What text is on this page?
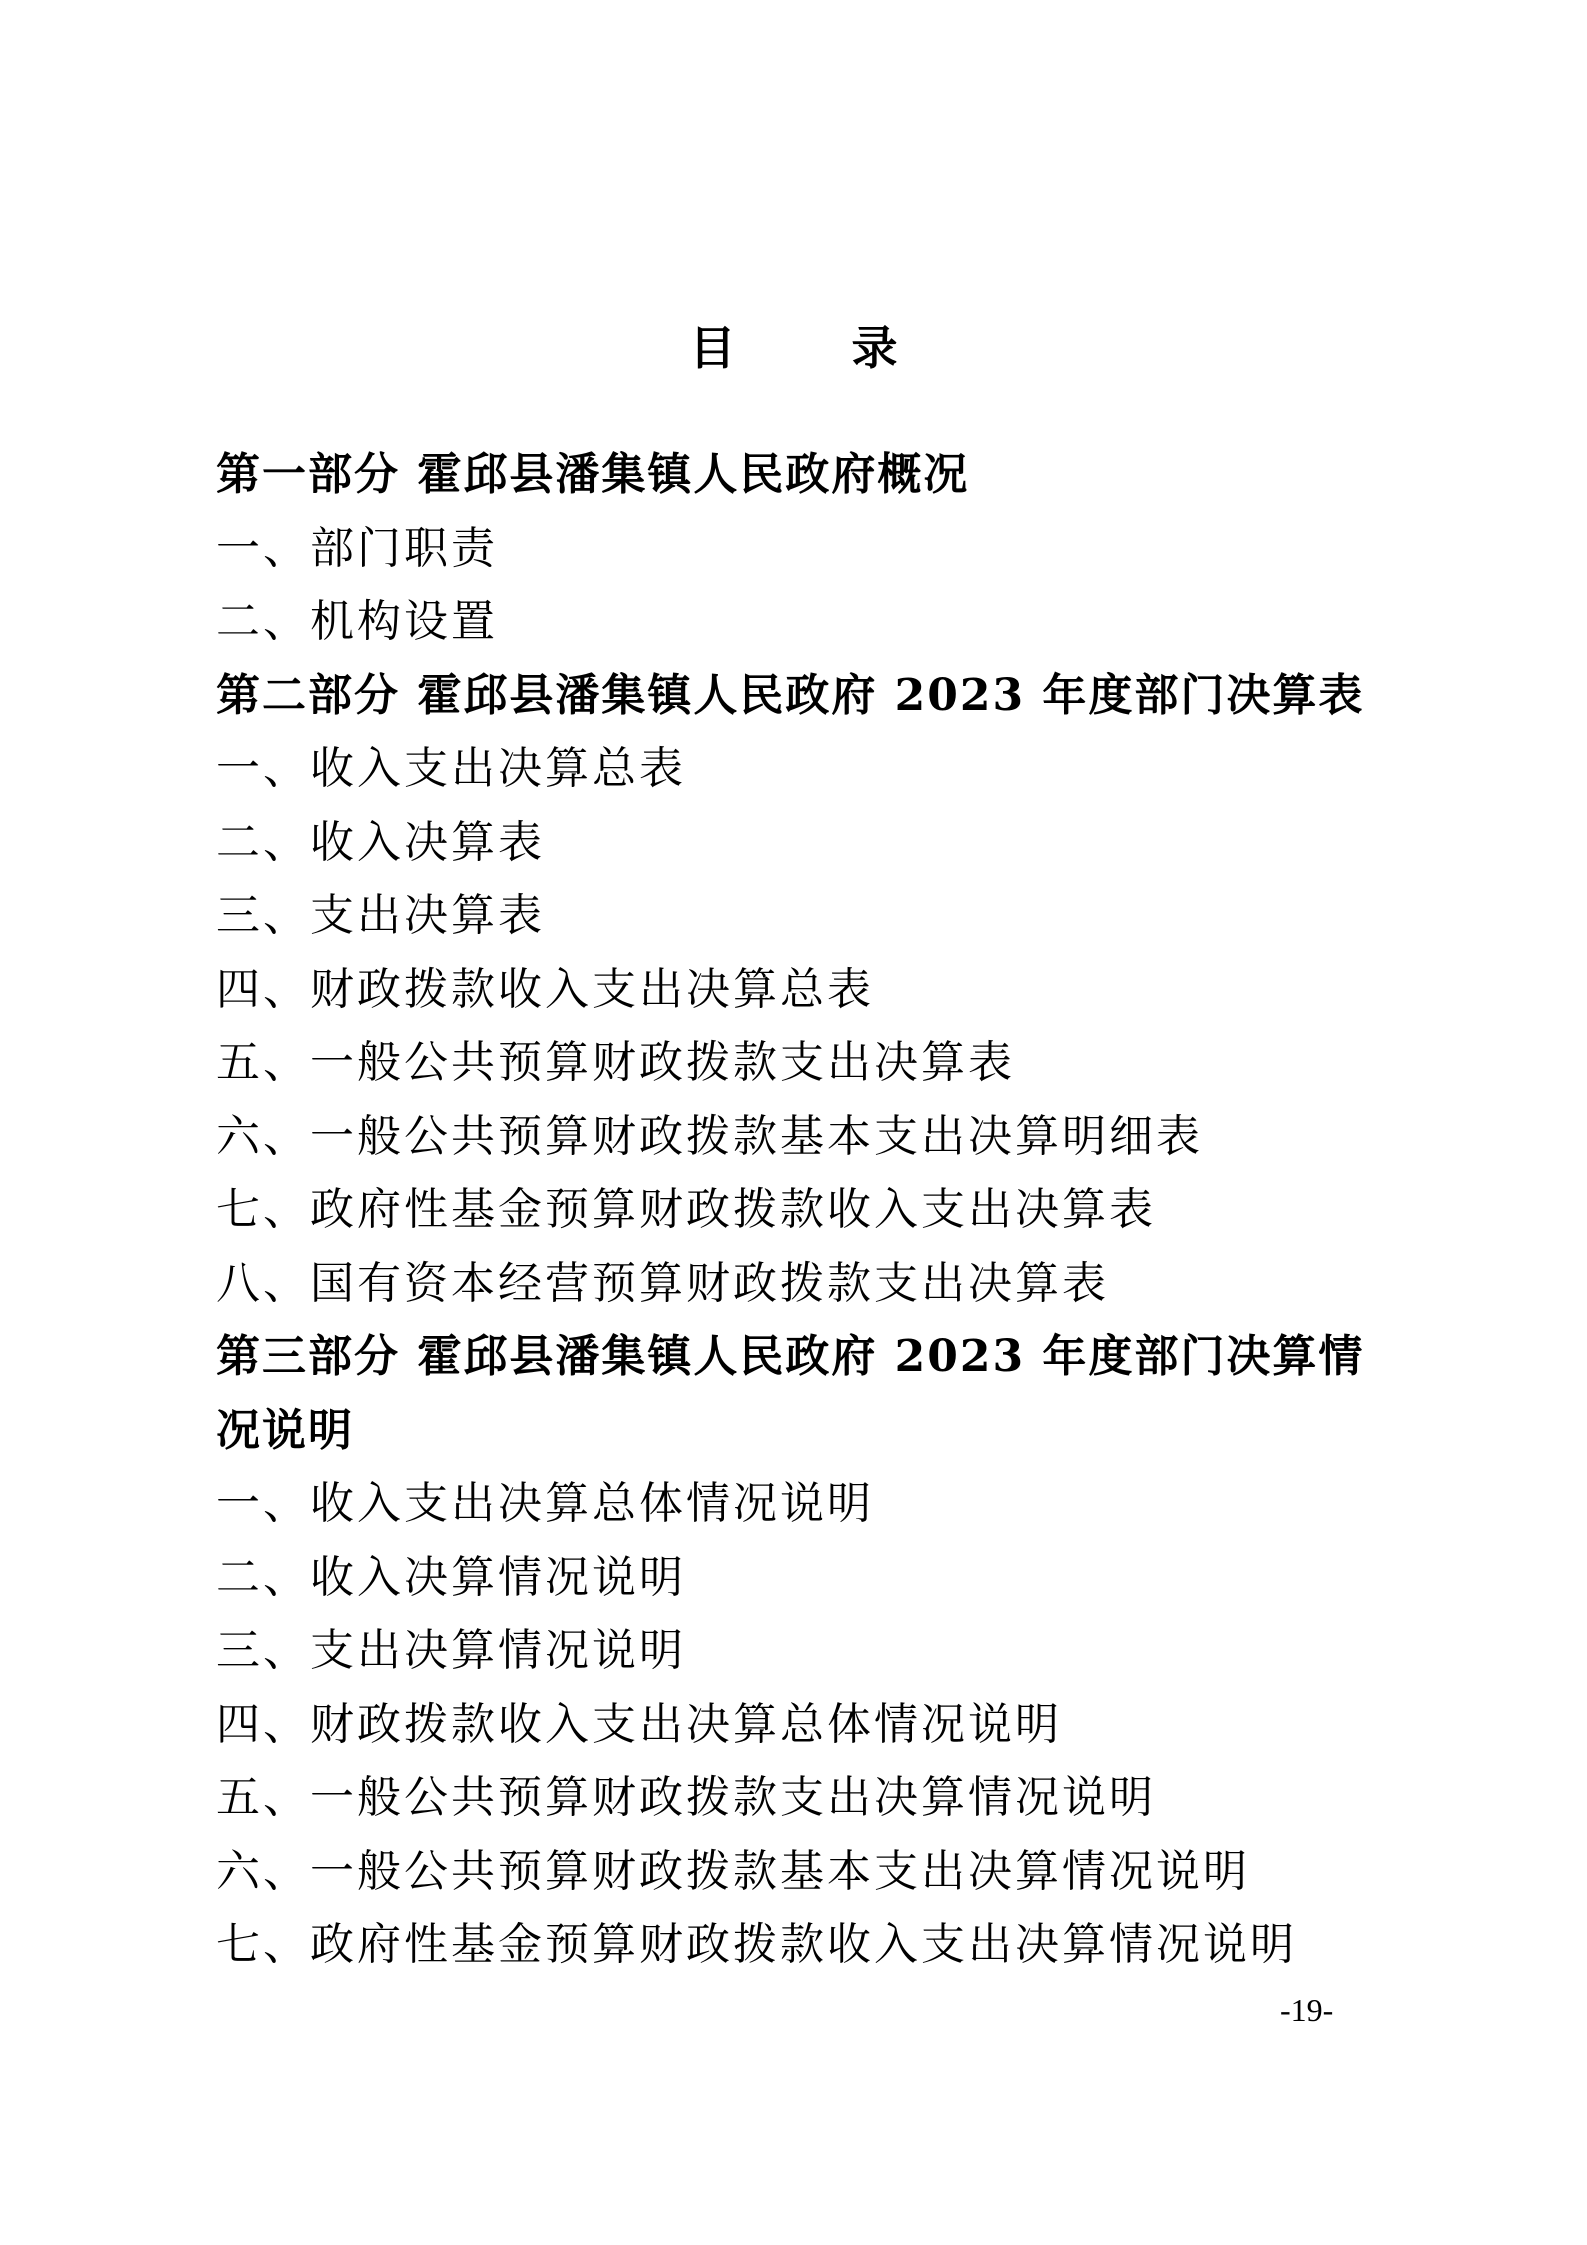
目 录
第一部分 霍邱县潘集镇人民政府概况
一、部门职责
二、机构设置
第二部分 霍邱县潘集镇人民政府 2023 年度部门决算表
一、收入支出决算总表
二、收入决算表
三、支出决算表
四、财政拨款收入支出决算总表
五、一般公共预算财政拨款支出决算表
六、一般公共预算财政拨款基本支出决算明细表
七、政府性基金预算财政拨款收入支出决算表
八、国有资本经营预算财政拨款支出决算表
第三部分 霍邱县潘集镇人民政府 2023 年度部门决算情
况说明
一、收入支出决算总体情况说明
二、收入决算情况说明
三、支出决算情况说明
四、财政拨款收入支出决算总体情况说明
五、一般公共预算财政拨款支出决算情况说明
六、一般公共预算财政拨款基本支出决算情况说明
七、政府性基金预算财政拨款收入支出决算情况说明
-19-
